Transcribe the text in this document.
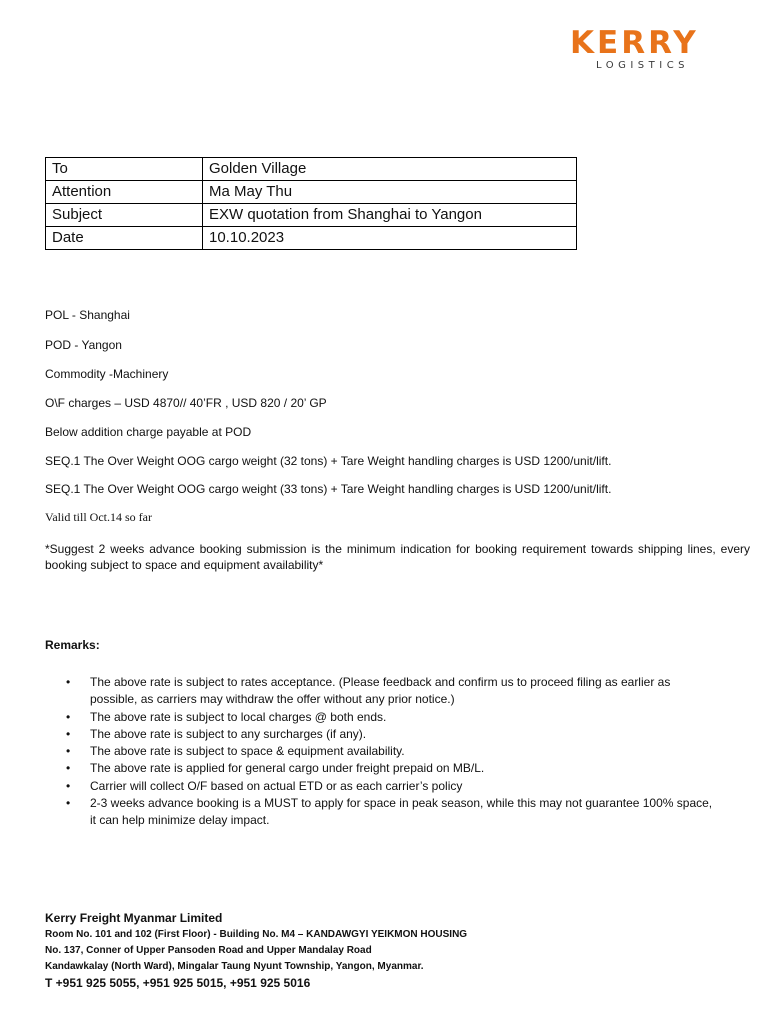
KERRY
LOGISTICS
To	Golden Village
Attention	Ma May Thu
Subject	EXW quotation from Shanghai to Yangon
Date	10.10.2023

POL - Shanghai

POD - Yangon

Commodity -Machinery

O\F charges – USD 4870// 40’FR , USD 820 / 20’ GP

Below addition charge payable at POD

SEQ.1 The Over Weight OOG cargo weight (32 tons) + Tare Weight handling charges is USD 1200/unit/lift.

SEQ.1 The Over Weight OOG cargo weight (33 tons) + Tare Weight handling charges is USD 1200/unit/lift.

Valid till Oct.14 so far

*Suggest 2 weeks advance booking submission is the minimum indication for booking requirement towards shipping lines, every booking subject to space and equipment availability*

Remarks:
• The above rate is subject to rates acceptance. (Please feedback and confirm us to proceed filing as earlier as possible, as carriers may withdraw the offer without any prior notice.)
• The above rate is subject to local charges @ both ends.
• The above rate is subject to any surcharges (if any).
• The above rate is subject to space & equipment availability.
• The above rate is applied for general cargo under freight prepaid on MB/L.
• Carrier will collect O/F based on actual ETD or as each carrier’s policy
• 2-3 weeks advance booking is a MUST to apply for space in peak season, while this may not guarantee 100% space, it can help minimize delay impact.
Kerry Freight Myanmar Limited
Room No. 101 and 102 (First Floor) - Building No. M4 – KANDAWGYI YEIKMON HOUSING
No. 137, Conner of Upper Pansoden Road and Upper Mandalay Road
Kandawkalay (North Ward), Mingalar Taung Nyunt Township, Yangon, Myanmar.
T +951 925 5055, +951 925 5015, +951 925 5016
